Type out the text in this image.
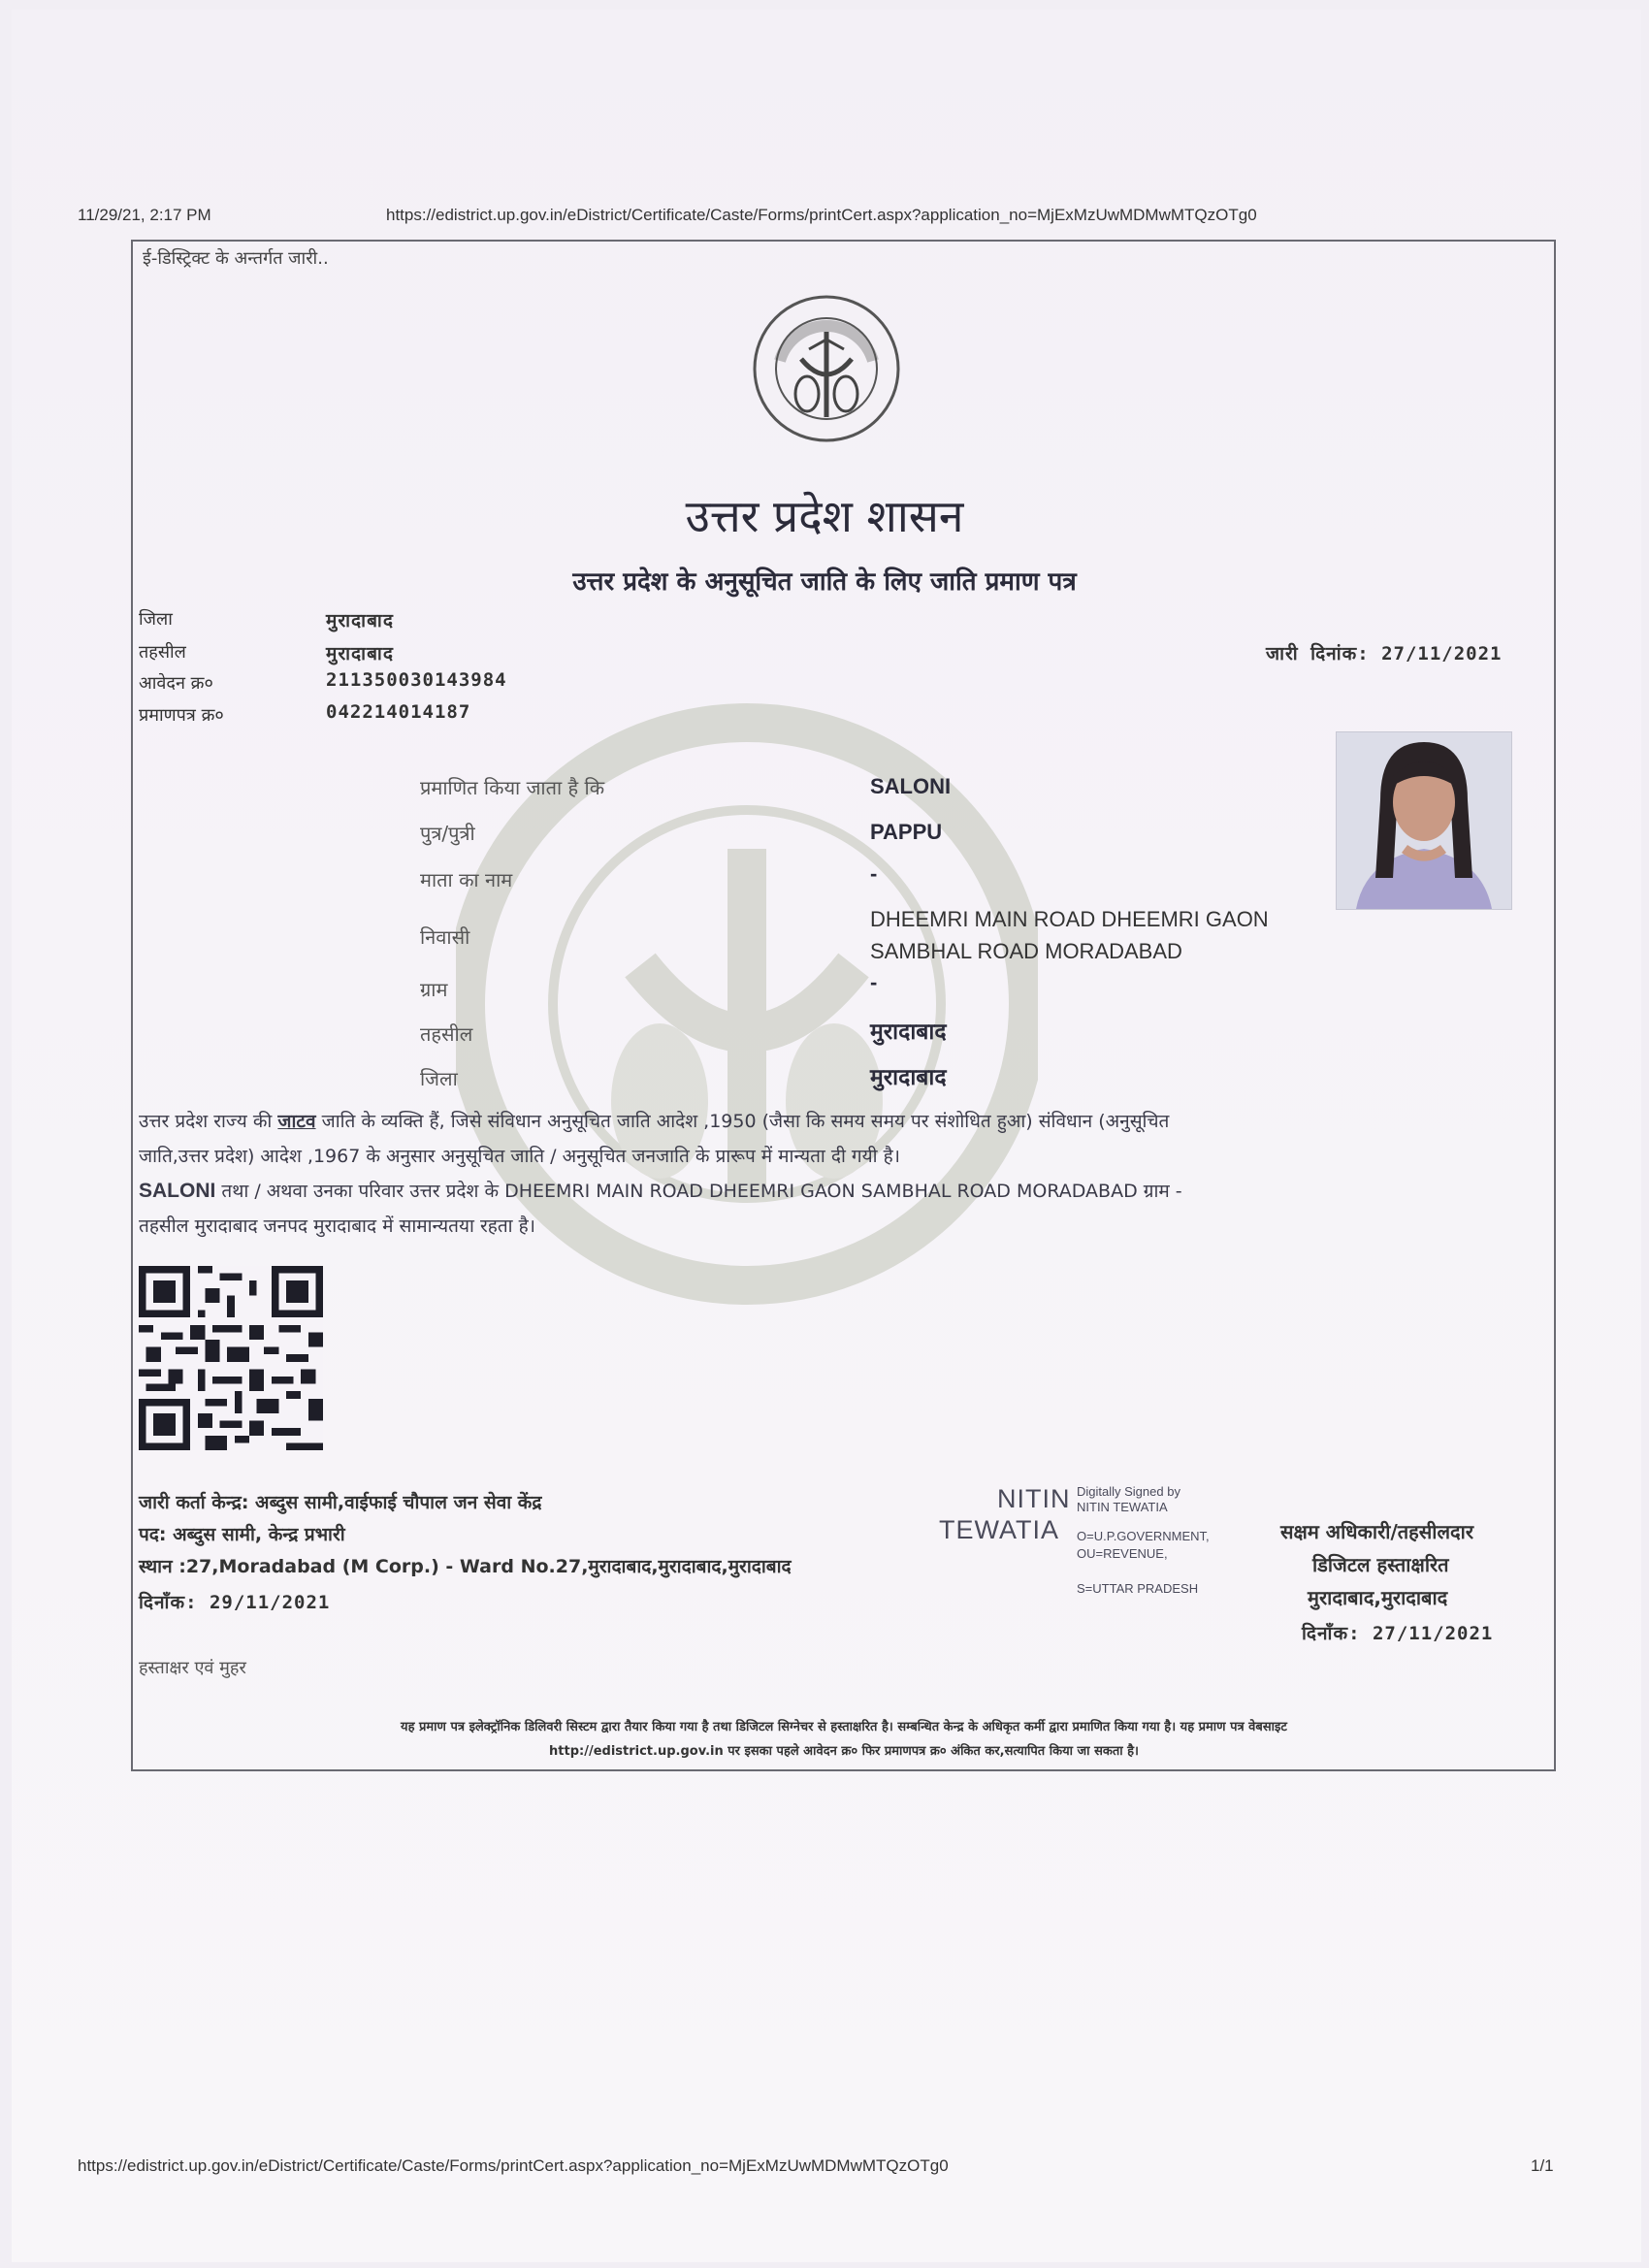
11/29/21, 2:17 PM	https://edistrict.up.gov.in/eDistrict/Certificate/Caste/Forms/printCert.aspx?application_no=MjExMzUwMDMwMTQzOTg0
ई-डिस्ट्रिक्ट के अन्तर्गत जारी..
उत्तर प्रदेश शासन
उत्तर प्रदेश के अनुसूचित जाति के लिए जाति प्रमाण पत्र
जिला	मुरादाबाद
तहसील	मुरादाबाद
आवेदन क्र०	211350030143984
प्रमाणपत्र क्र०	042214014187
जारी दिनांक: 27/11/2021
प्रमाणित किया जाता है कि	SALONI
पुत्र/पुत्री	PAPPU
माता का नाम	-
निवासी
DHEEMRI MAIN ROAD DHEEMRI GAON
SAMBHAL ROAD MORADABAD
ग्राम	-
तहसील	मुरादाबाद
जिला	मुरादाबाद
उत्तर प्रदेश राज्य की जाटव जाति के व्यक्ति हैं, जिसे संविधान अनुसूचित जाति आदेश ,1950 (जैसा कि समय समय पर संशोधित हुआ) संविधान (अनुसूचित
जाति,उत्तर प्रदेश) आदेश ,1967 के अनुसार अनुसूचित जाति / अनुसूचित जनजाति के प्रारूप में मान्यता दी गयी है।
SALONI तथा / अथवा उनका परिवार उत्तर प्रदेश के DHEEMRI MAIN ROAD DHEEMRI GAON SAMBHAL ROAD MORADABAD ग्राम -
तहसील मुरादाबाद जनपद मुरादाबाद में सामान्यतया रहता है।
जारी कर्ता केन्द्र: अब्दुस सामी,वाईफाई चौपाल जन सेवा केंद्र
पद: अब्दुस सामी, केन्द्र प्रभारी
स्थान :27,Moradabad (M Corp.) - Ward No.27,मुरादाबाद,मुरादाबाद,मुरादाबाद
दिनाँक: 29/11/2021
हस्ताक्षर एवं मुहर
NITIN
TEWATIA
Digitally Signed by
NITIN TEWATIA
O=U.P.GOVERNMENT,
OU=REVENUE,
S=UTTAR PRADESH
सक्षम अधिकारी/तहसीलदार
डिजिटल हस्ताक्षरित
मुरादाबाद,मुरादाबाद
दिनाँक: 27/11/2021
यह प्रमाण पत्र इलेक्ट्रॉनिक डिलिवरी सिस्टम द्वारा तैयार किया गया है तथा डिजिटल सिग्नेचर से हस्ताक्षरित है। सम्बन्धित केन्द्र के अधिकृत कर्मी द्वारा प्रमाणित किया गया है। यह प्रमाण पत्र वेबसाइट
http://edistrict.up.gov.in पर इसका पहले आवेदन क्र० फिर प्रमाणपत्र क्र० अंकित कर,सत्यापित किया जा सकता है।
https://edistrict.up.gov.in/eDistrict/Certificate/Caste/Forms/printCert.aspx?application_no=MjExMzUwMDMwMTQzOTg0	1/1
